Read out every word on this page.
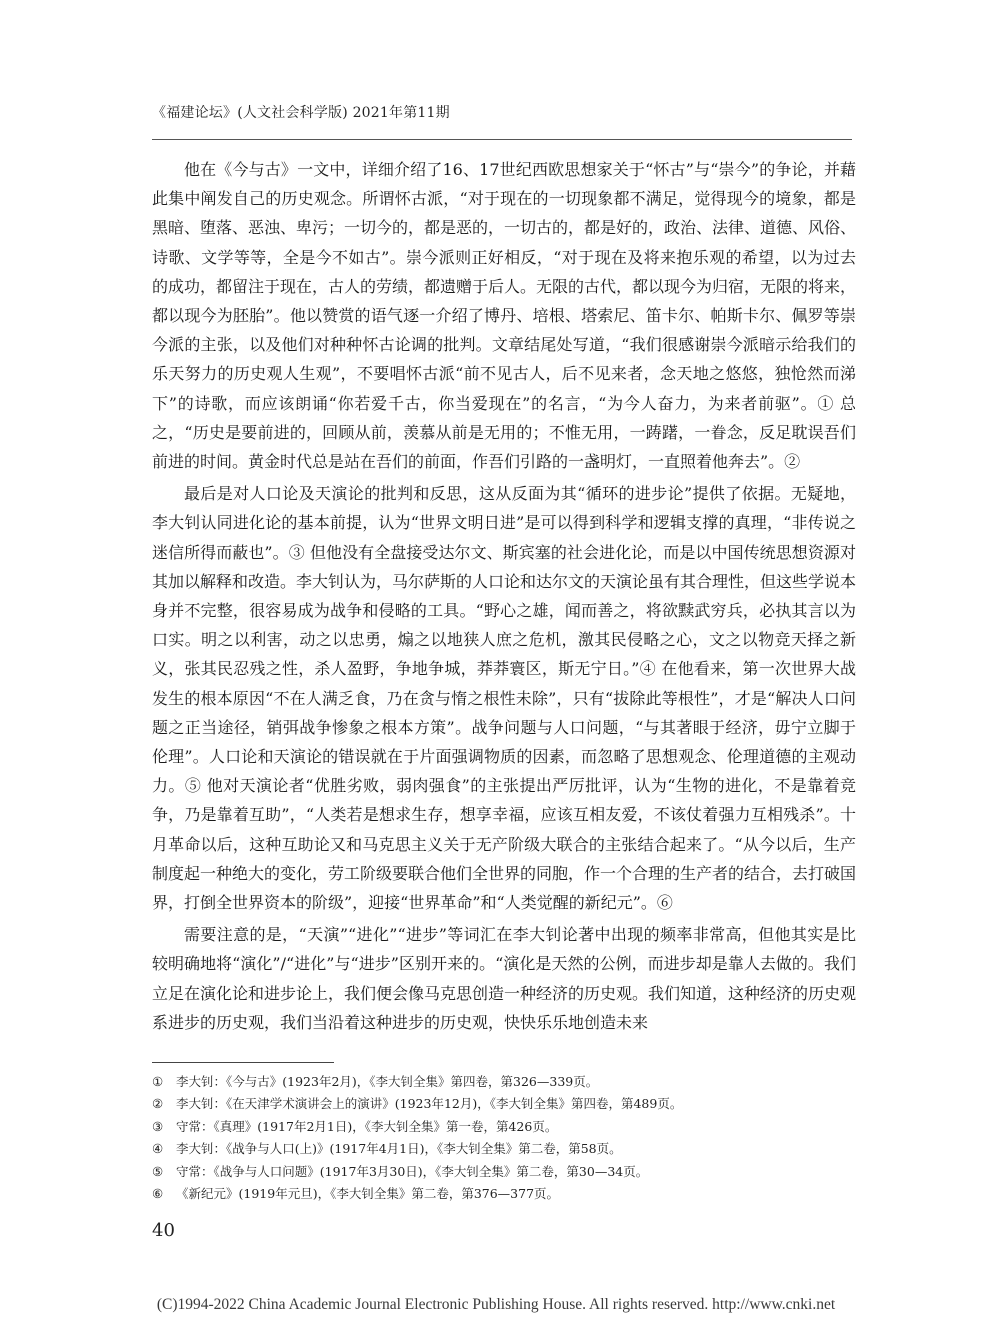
《福建论坛》(人文社会科学版) 2021年第11期

他在《今与古》一文中，详细介绍了16、17世纪西欧思想家关于“怀古”与“崇今”的争论，并藉此集中阐发自己的历史观念。所谓怀古派，“对于现在的一切现象都不满足，觉得现今的境象，都是黑暗、堕落、恶浊、卑污；一切今的，都是恶的，一切古的，都是好的，政治、法律、道德、风俗、诗歌、文学等等，全是今不如古”。崇今派则正好相反，“对于现在及将来抱乐观的希望，以为过去的成功，都留注于现在，古人的劳绩，都遗赠于后人。无限的古代，都以现今为归宿，无限的将来，都以现今为胚胎”。他以赞赏的语气逐一介绍了博丹、培根、塔索尼、笛卡尔、帕斯卡尔、佩罗等崇今派的主张，以及他们对种种怀古论调的批判。文章结尾处写道，“我们很感谢崇今派暗示给我们的乐天努力的历史观人生观”，不要唱怀古派“前不见古人，后不见来者，念天地之悠悠，独怆然而涕下”的诗歌，而应该朗诵“你若爱千古，你当爱现在”的名言，“为今人奋力，为来者前驱”。① 总之，“历史是要前进的，回顾从前，羡慕从前是无用的；不惟无用，一踌躇，一眷念，反足耽误吾们前进的时间。黄金时代总是站在吾们的前面，作吾们引路的一盏明灯，一直照着他奔去”。②

最后是对人口论及天演论的批判和反思，这从反面为其“循环的进步论”提供了依据。无疑地，李大钊认同进化论的基本前提，认为“世界文明日进”是可以得到科学和逻辑支撑的真理，“非传说之迷信所得而蔽也”。③ 但他没有全盘接受达尔文、斯宾塞的社会进化论，而是以中国传统思想资源对其加以解释和改造。李大钊认为，马尔萨斯的人口论和达尔文的天演论虽有其合理性，但这些学说本身并不完整，很容易成为战争和侵略的工具。“野心之雄，闻而善之，将欲黩武穷兵，必执其言以为口实。明之以利害，动之以忠勇，煽之以地狭人庶之危机，激其民侵略之心，文之以物竞天择之新义，张其民忍残之性，杀人盈野，争地争城，莽莽寰区，斯无宁日。”④ 在他看来，第一次世界大战发生的根本原因“不在人满乏食，乃在贪与惰之根性未除”，只有“拔除此等根性”，才是“解决人口问题之正当途径，销弭战争惨象之根本方策”。战争问题与人口问题，“与其著眼于经济，毋宁立脚于伦理”。人口论和天演论的错误就在于片面强调物质的因素，而忽略了思想观念、伦理道德的主观动力。⑤ 他对天演论者“优胜劣败，弱肉强食”的主张提出严厉批评，认为“生物的进化，不是靠着竞争，乃是靠着互助”，“人类若是想求生存，想享幸福，应该互相友爱，不该仗着强力互相残杀”。十月革命以后，这种互助论又和马克思主义关于无产阶级大联合的主张结合起来了。“从今以后，生产制度起一种绝大的变化，劳工阶级要联合他们全世界的同胞，作一个合理的生产者的结合，去打破国界，打倒全世界资本的阶级”，迎接“世界革命”和“人类觉醒的新纪元”。⑥

需要注意的是，“天演”“进化”“进步”等词汇在李大钊论著中出现的频率非常高，但他其实是比较明确地将“演化”/“进化”与“进步”区别开来的。“演化是天然的公例，而进步却是靠人去做的。我们立足在演化论和进步论上，我们便会像马克思创造一种经济的历史观。我们知道，这种经济的历史观系进步的历史观，我们当沿着这种进步的历史观，快快乐乐地创造未来

①	李大钊：《今与古》(1923年2月)，《李大钊全集》第四卷，第326—339页。
②	李大钊：《在天津学术演讲会上的演讲》(1923年12月)，《李大钊全集》第四卷，第489页。
③	守常：《真理》(1917年2月1日)，《李大钊全集》第一卷，第426页。
④	李大钊：《战争与人口(上)》(1917年4月1日)，《李大钊全集》第二卷，第58页。
⑤	守常：《战争与人口问题》(1917年3月30日)，《李大钊全集》第二卷，第30—34页。
⑥	《新纪元》(1919年元旦)，《李大钊全集》第二卷，第376—377页。
40
(C)1994-2022 China Academic Journal Electronic Publishing House. All rights reserved. http://www.cnki.net
